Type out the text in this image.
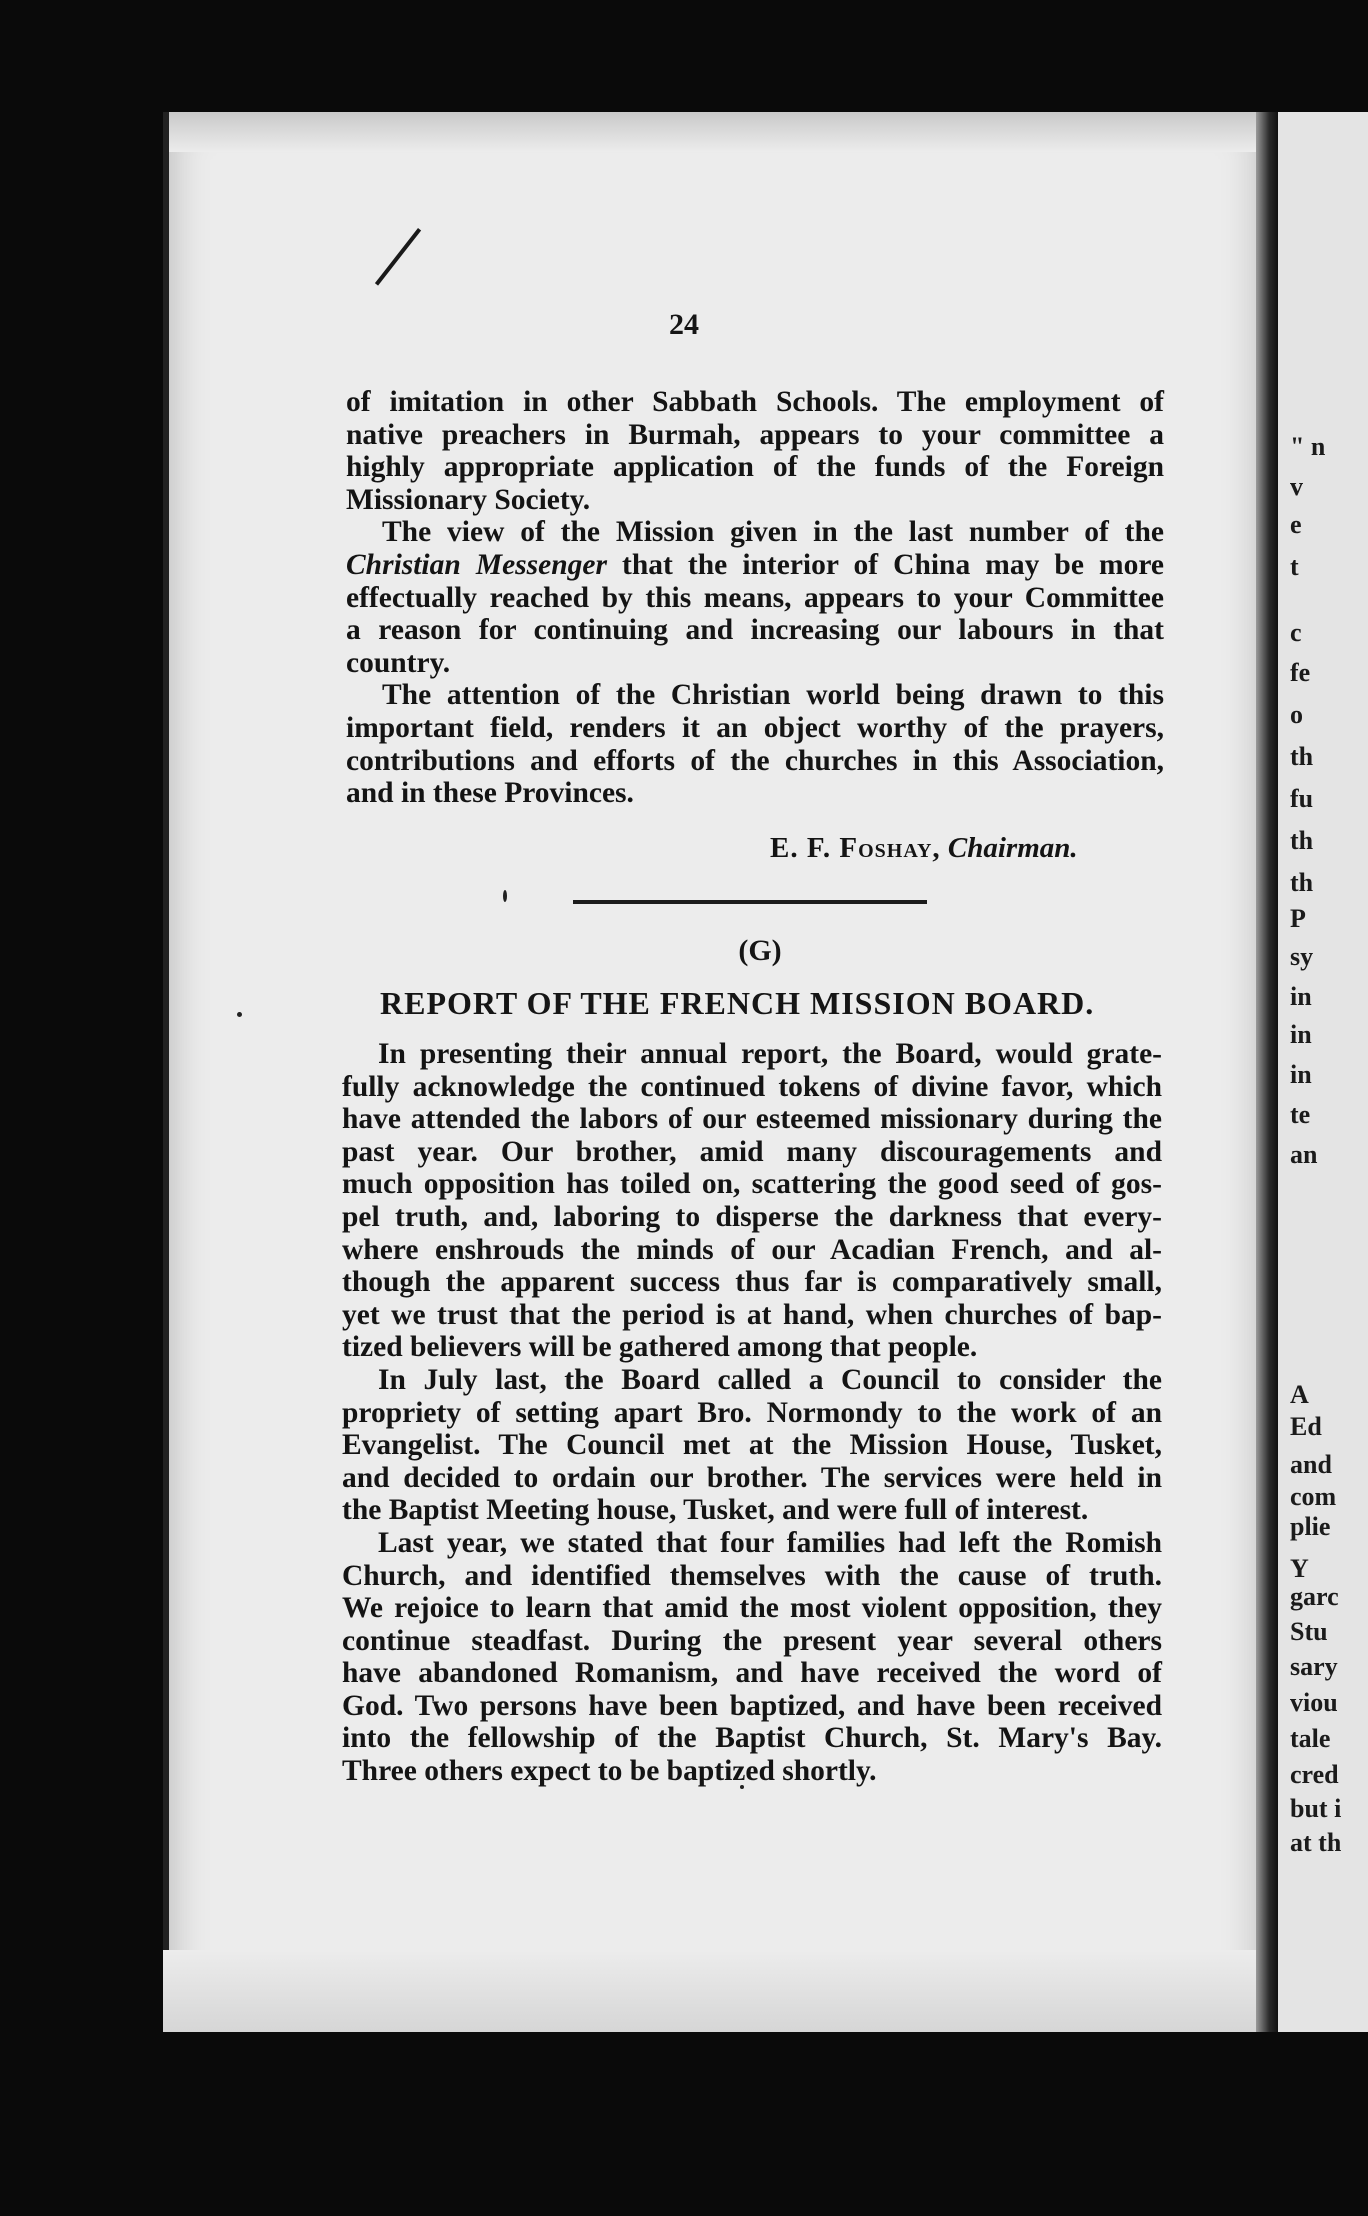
" n
v
e
t
c
fe
o
th
fu
th
th
P
sy
in
in
in
te
an
A
Ed
and
com
plie
Y
garc
Stu
sary
viou
tale
cred
but i
at th
24
of imitation in other Sabbath Schools. The employment of
native preachers in Burmah, appears to your committee a
highly appropriate application of the funds of the Foreign
Missionary Society.
The view of the Mission given in the last number of the
Christian Messenger that the interior of China may be more
effectually reached by this means, appears to your Committee
a reason for continuing and increasing our labours in that
country.
The attention of the Christian world being drawn to this
important field, renders it an object worthy of the prayers,
contributions and efforts of the churches in this Association,
and in these Provinces.
E. F. Foshay, Chairman.
(G)
REPORT OF THE FRENCH MISSION BOARD.
In presenting their annual report, the Board, would grate-
fully acknowledge the continued tokens of divine favor, which
have attended the labors of our esteemed missionary during the
past year. Our brother, amid many discouragements and
much opposition has toiled on, scattering the good seed of gos-
pel truth, and, laboring to disperse the darkness that every-
where enshrouds the minds of our Acadian French, and al-
though the apparent success thus far is comparatively small,
yet we trust that the period is at hand, when churches of bap-
tized believers will be gathered among that people.
In July last, the Board called a Council to consider the
propriety of setting apart Bro. Normondy to the work of an
Evangelist. The Council met at the Mission House, Tusket,
and decided to ordain our brother. The services were held in
the Baptist Meeting house, Tusket, and were full of interest.
Last year, we stated that four families had left the Romish
Church, and identified themselves with the cause of truth.
We rejoice to learn that amid the most violent opposition, they
continue steadfast. During the present year several others
have abandoned Romanism, and have received the word of
God. Two persons have been baptized, and have been received
into the fellowship of the Baptist Church, St. Mary's Bay.
Three others expect to be baptized shortly.
